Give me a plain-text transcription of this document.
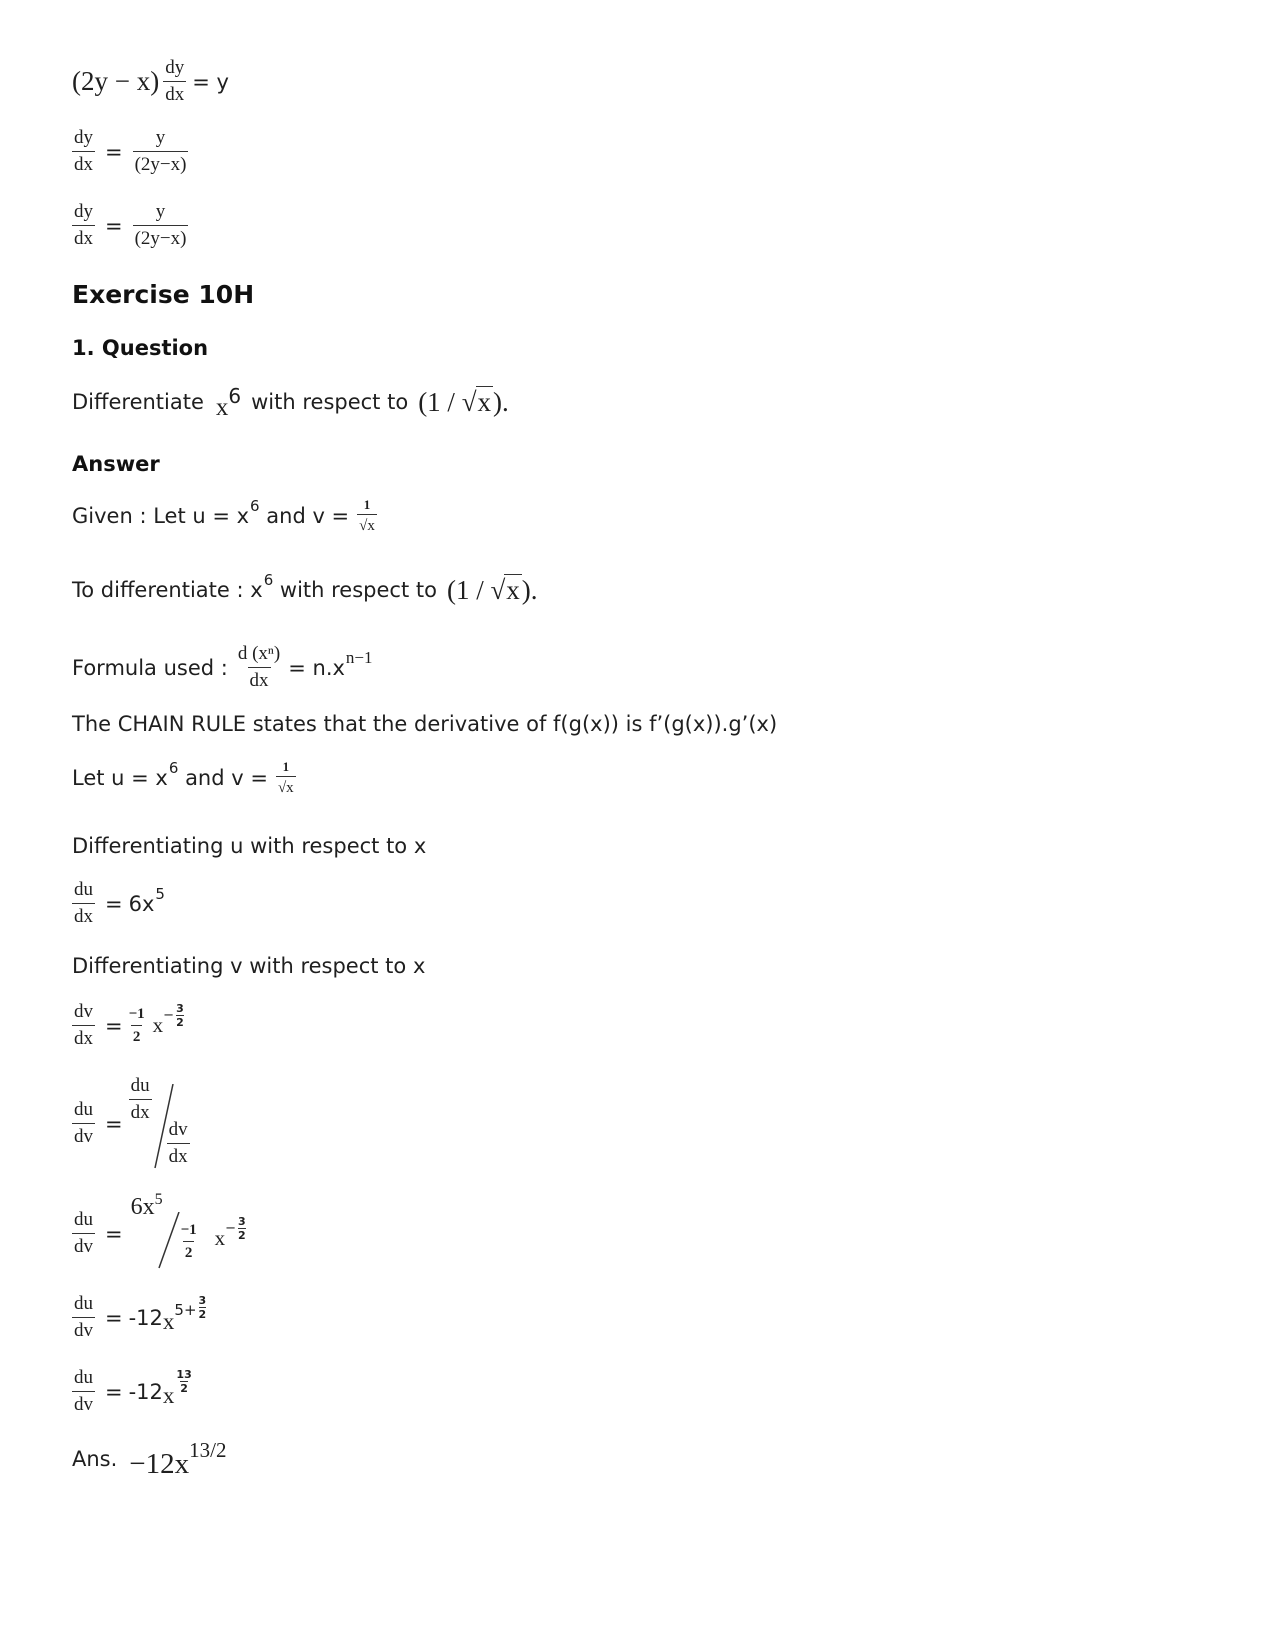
$(2y - x) \frac{dy}{dx} = y$
$\frac{dy}{dx} = \frac{y}{(2y-x)}$
$\frac{dy}{dx} = \frac{y}{(2y-x)}$
Exercise 10H
1. Question
Differentiate x 6 with respect to (1 / √x).
Answer
Given : Let u = x 6 and $v = \frac{1}{√x}$
To differentiate : x 6 with respect to (1 / √x).
Formula used : $\frac{\text{d (xⁿ)}}{dx} = n.x$ n−1
The CHAIN RULE states that the derivative of f(g(x)) is f’(g(x)).g’(x)
Let u = x 6 and $v = \frac{1}{√x}$
Differentiating u with respect to x
$\frac{du}{dx} = 6x$ 5
Differentiating v with respect to x
$\frac{dv}{dx} = \frac{-1}{2}$ $x - \frac{3}{2}$
$\frac{du}{dv}$ =
$\frac{du}{dx}$
$\frac{dv}{dx}$
$\frac{du}{dv}$ =
$6x^5$
$\frac{-1}{2}$ $x - \frac{3}{2}$
$\frac{du}{dv} = -12$ x $5+ \frac{3}{2}$
$\frac{du}{dv} = -12$ x
13
2
Ans. −12x 13/2
